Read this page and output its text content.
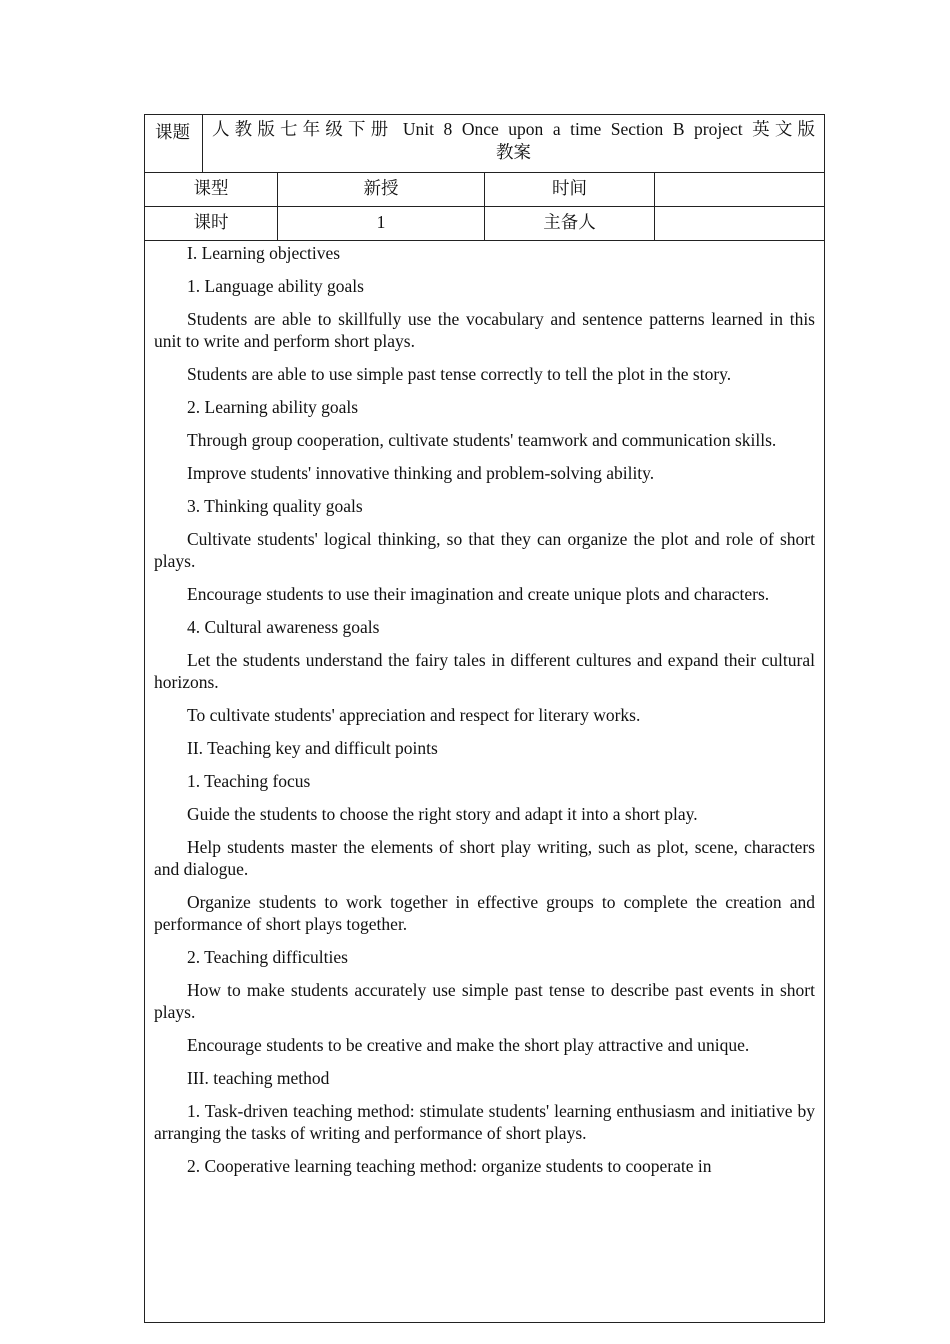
课题	人教版七年级下册 Unit 8 Once upon a time Section B project 英文版
教案
课型	新授	时间
课时	1	主备人

I. Learning objectives

1. Language ability goals

Students are able to skillfully use the vocabulary and sentence patterns learned in this unit to write and perform short plays.

Students are able to use simple past tense correctly to tell the plot in the story.

2. Learning ability goals

Through group cooperation, cultivate students' teamwork and communication skills.

Improve students' innovative thinking and problem-solving ability.

3. Thinking quality goals

Cultivate students' logical thinking, so that they can organize the plot and role of short plays.

Encourage students to use their imagination and create unique plots and characters.

4. Cultural awareness goals

Let the students understand the fairy tales in different cultures and expand their cultural horizons.

To cultivate students' appreciation and respect for literary works.

II. Teaching key and difficult points

1. Teaching focus

Guide the students to choose the right story and adapt it into a short play.

Help students master the elements of short play writing, such as plot, scene, characters and dialogue.

Organize students to work together in effective groups to complete the creation and performance of short plays together.

2. Teaching difficulties

How to make students accurately use simple past tense to describe past events in short plays.

Encourage students to be creative and make the short play attractive and unique.

III. teaching method

1. Task-driven teaching method: stimulate students' learning enthusiasm and initiative by arranging the tasks of writing and performance of short plays.

2. Cooperative learning teaching method: organize students to cooperate in
